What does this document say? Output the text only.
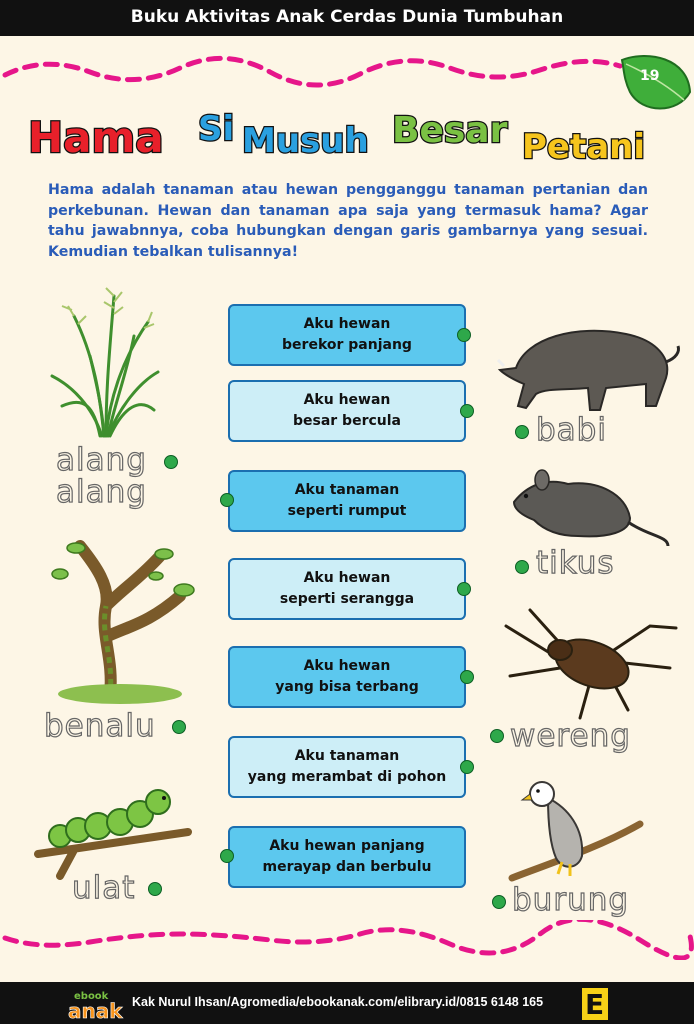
Buku Aktivitas Anak Cerdas Dunia Tumbuhan
19
Hama Si Musuh Besar Petani
Hama adalah tanaman atau hewan pengganggu tanaman pertanian dan perkebunan. Hewan dan tanaman apa saja yang termasuk hama? Agar tahu jawabnnya, coba hubungkan dengan garis gambarnya yang sesuai. Kemudian tebalkan tulisannya!
Aku hewan
berekor panjang
Aku hewan
besar bercula
Aku tanaman
seperti rumput
Aku hewan
seperti serangga
Aku hewan
yang bisa terbang
Aku tanaman
yang merambat di pohon
Aku hewan panjang
merayap dan berbulu
alang
alang
benalu
ulat
babi
tikus
wereng
burung
ebook
anak Kak Nurul Ihsan/Agromedia/ebookanak.com/elibrary.id/0815 6148 165 E
